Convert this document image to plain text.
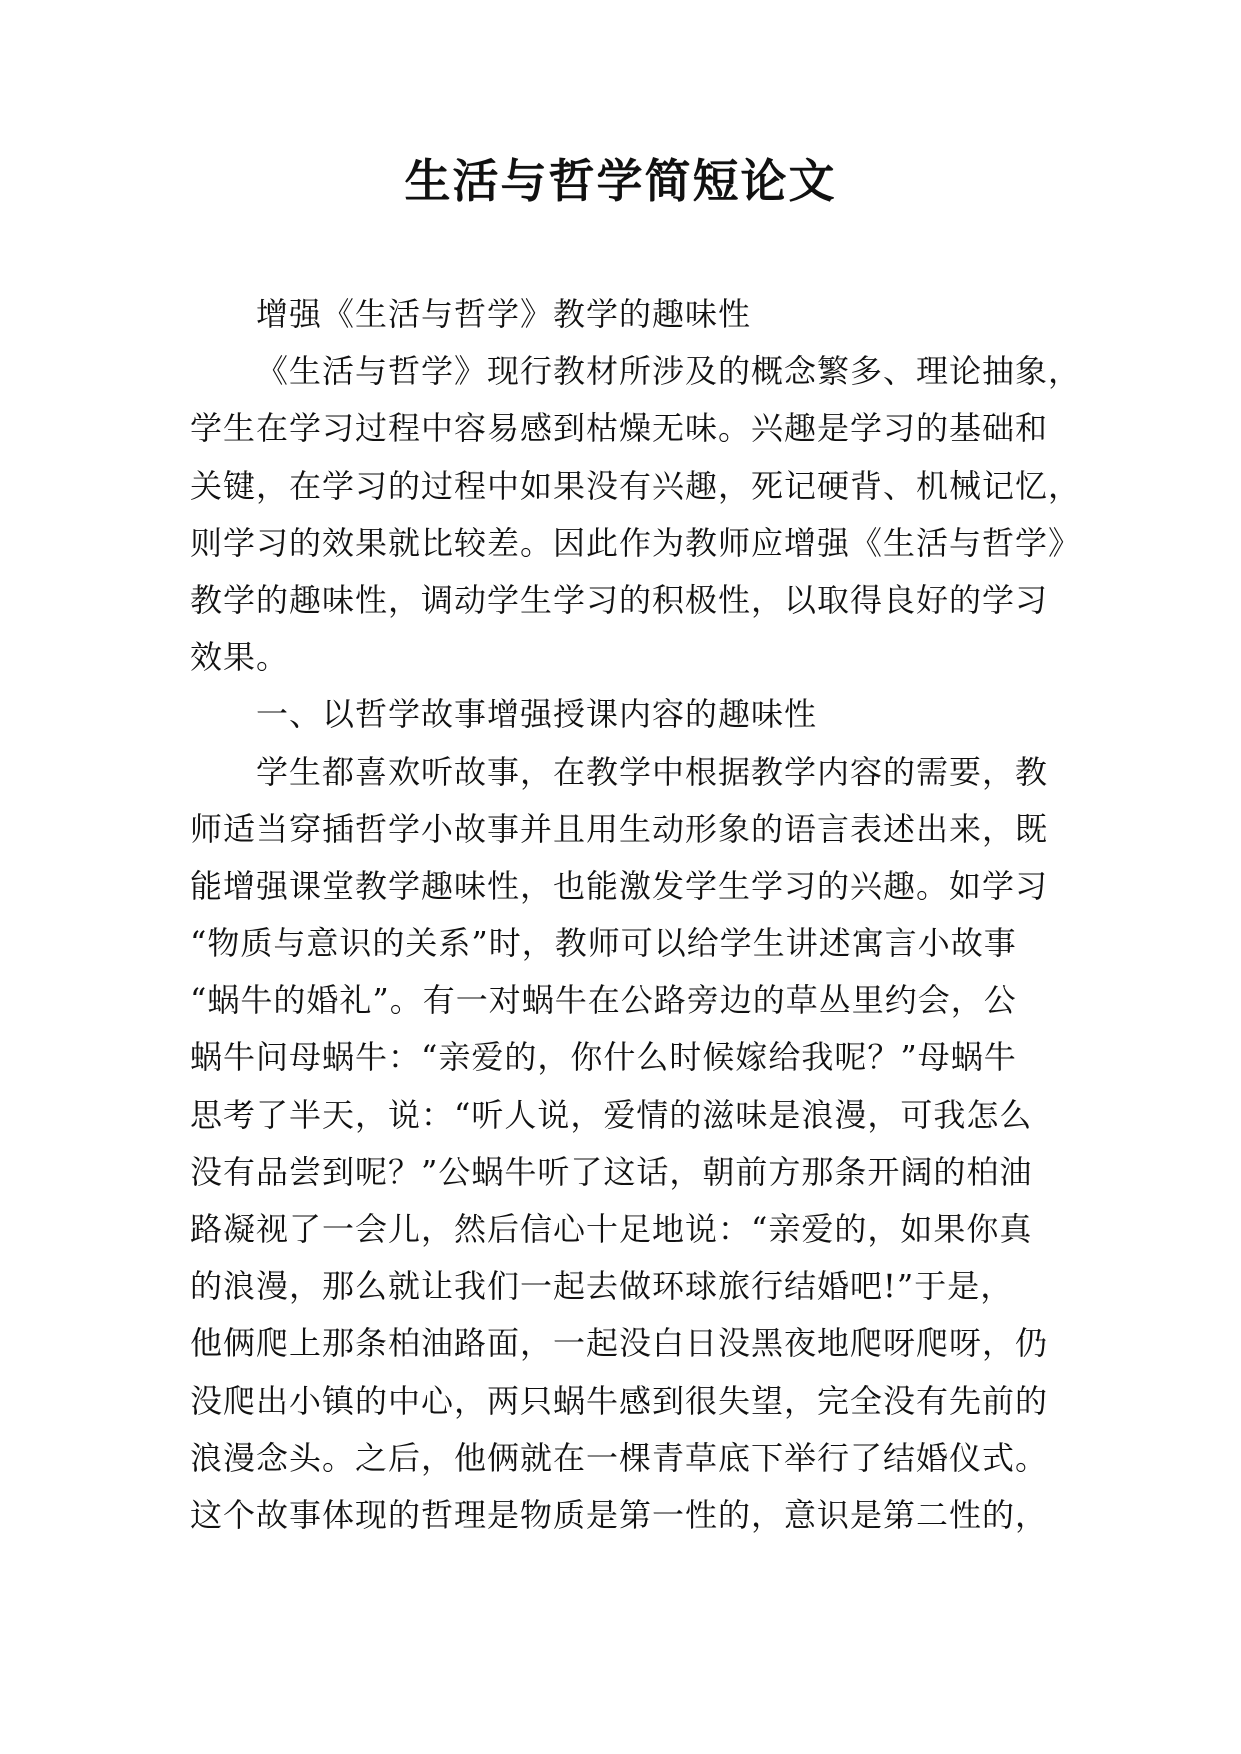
生活与哲学简短论文
增强《生活与哲学》教学的趣味性
《生活与哲学》现行教材所涉及的概念繁多、理论抽象，
学生在学习过程中容易感到枯燥无味。兴趣是学习的基础和
关键，在学习的过程中如果没有兴趣，死记硬背、机械记忆，
则学习的效果就比较差。因此作为教师应增强《生活与哲学》
教学的趣味性，调动学生学习的积极性，以取得良好的学习
效果。
一、以哲学故事增强授课内容的趣味性
学生都喜欢听故事，在教学中根据教学内容的需要，教
师适当穿插哲学小故事并且用生动形象的语言表述出来，既
能增强课堂教学趣味性，也能激发学生学习的兴趣。如学习
“物质与意识的关系”时，教师可以给学生讲述寓言小故事
“蜗牛的婚礼”。有一对蜗牛在公路旁边的草丛里约会，公
蜗牛问母蜗牛：“亲爱的，你什么时候嫁给我呢？”母蜗牛
思考了半天，说：“听人说，爱情的滋味是浪漫，可我怎么
没有品尝到呢？”公蜗牛听了这话，朝前方那条开阔的柏油
路凝视了一会儿，然后信心十足地说：“亲爱的，如果你真
的浪漫，那么就让我们一起去做环球旅行结婚吧!”于是，
他俩爬上那条柏油路面，一起没白日没黑夜地爬呀爬呀，仍
没爬出小镇的中心，两只蜗牛感到很失望，完全没有先前的
浪漫念头。之后，他俩就在一棵青草底下举行了结婚仪式。
这个故事体现的哲理是物质是第一性的，意识是第二性的，
